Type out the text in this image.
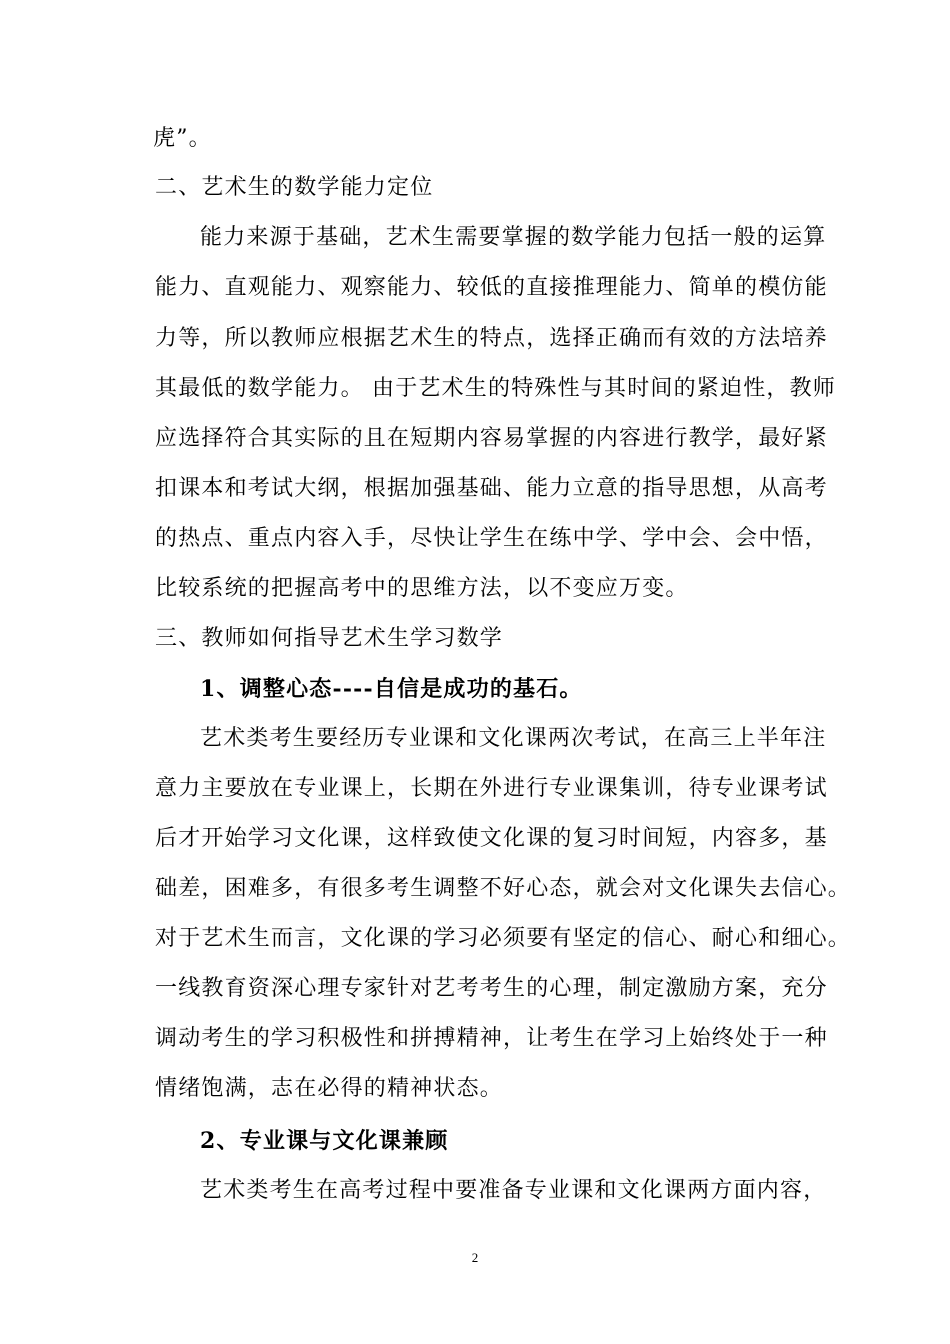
虎”。
二、艺术生的数学能力定位
能力来源于基础，艺术生需要掌握的数学能力包括一般的运算
能力、直观能力、观察能力、较低的直接推理能力、简单的模仿能
力等，所以教师应根据艺术生的特点，选择正确而有效的方法培养
其最低的数学能力。 由于艺术生的特殊性与其时间的紧迫性，教师
应选择符合其实际的且在短期内容易掌握的内容进行教学，最好紧
扣课本和考试大纲，根据加强基础、能力立意的指导思想，从高考
的热点、重点内容入手，尽快让学生在练中学、学中会、会中悟，
比较系统的把握高考中的思维方法，以不变应万变。
三、教师如何指导艺术生学习数学
1、调整心态----自信是成功的基石。
艺术类考生要经历专业课和文化课两次考试，在高三上半年注
意力主要放在专业课上，长期在外进行专业课集训，待专业课考试
后才开始学习文化课，这样致使文化课的复习时间短，内容多，基
础差，困难多，有很多考生调整不好心态，就会对文化课失去信心。
对于艺术生而言，文化课的学习必须要有坚定的信心、耐心和细心。
一线教育资深心理专家针对艺考考生的心理，制定激励方案，充分
调动考生的学习积极性和拼搏精神，让考生在学习上始终处于一种
情绪饱满，志在必得的精神状态。
2、专业课与文化课兼顾
艺术类考生在高考过程中要准备专业课和文化课两方面内容，
2
